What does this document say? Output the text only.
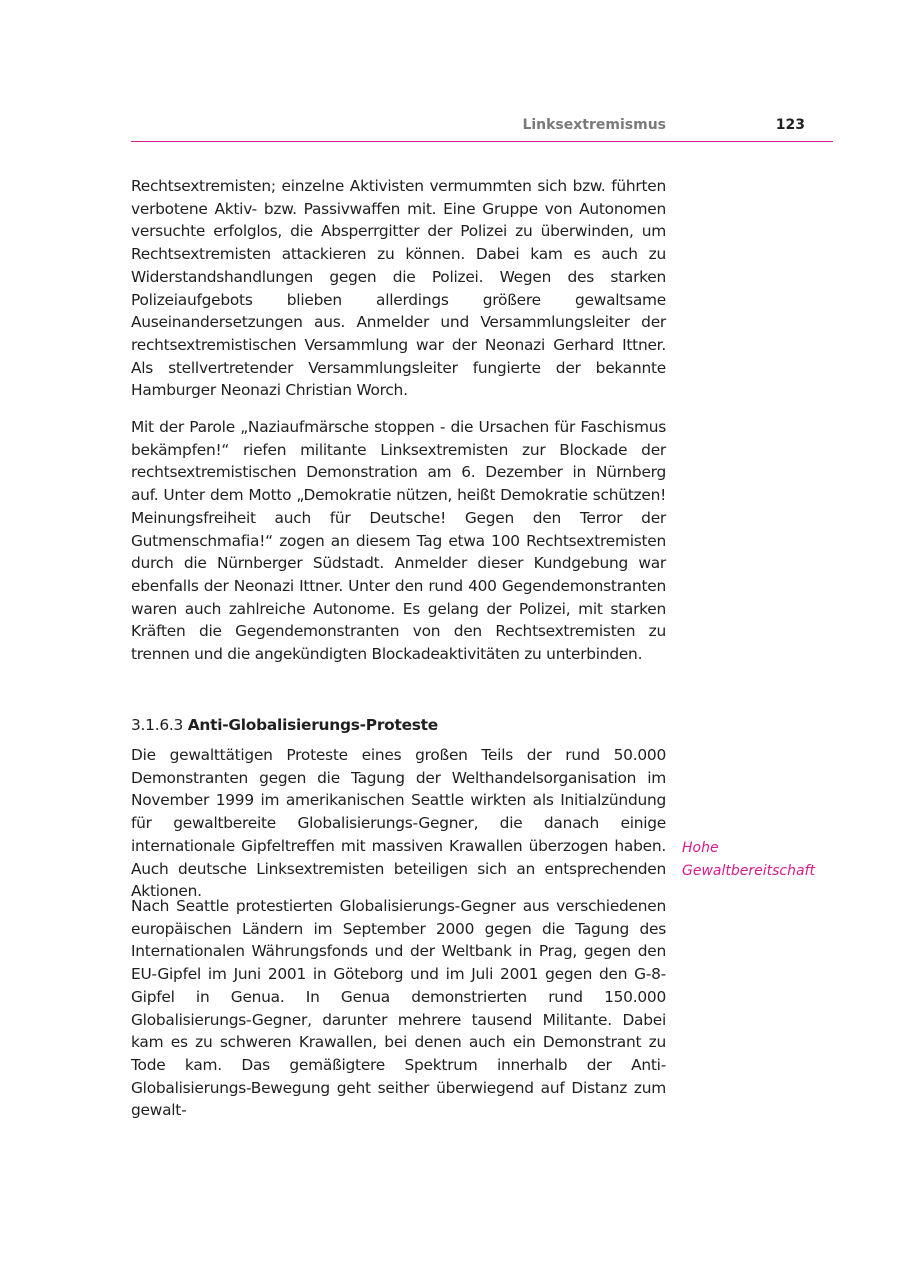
Linksextremismus	123

Rechtsextremisten; einzelne Aktivisten vermummten sich bzw. führten verbotene Aktiv- bzw. Passivwaffen mit. Eine Gruppe von Autonomen versuchte erfolglos, die Absperrgitter der Polizei zu überwinden, um Rechtsextremisten attackieren zu können. Dabei kam es auch zu Widerstandshandlungen gegen die Polizei. Wegen des starken Polizeiaufgebots blieben allerdings größere gewaltsame Auseinandersetzungen aus. Anmelder und Versammlungsleiter der rechtsextremistischen Versammlung war der Neonazi Gerhard Ittner. Als stellvertretender Versammlungsleiter fungierte der bekannte Hamburger Neonazi Christian Worch.

Mit der Parole „Naziaufmärsche stoppen - die Ursachen für Faschismus bekämpfen!“ riefen militante Linksextremisten zur Blockade der rechtsextremistischen Demonstration am 6. Dezember in Nürnberg auf. Unter dem Motto „Demokratie nützen, heißt Demokratie schützen! Meinungsfreiheit auch für Deutsche! Gegen den Terror der Gutmenschmafia!“ zogen an diesem Tag etwa 100 Rechtsextremisten durch die Nürnberger Südstadt. Anmelder dieser Kundgebung war ebenfalls der Neonazi Ittner. Unter den rund 400 Gegendemonstranten waren auch zahlreiche Autonome. Es gelang der Polizei, mit starken Kräften die Gegendemonstranten von den Rechtsextremisten zu trennen und die angekündigten Blockadeaktivitäten zu unterbinden.

3.1.6.3 Anti-Globalisierungs-Proteste

Die gewalttätigen Proteste eines großen Teils der rund 50.000 Demonstranten gegen die Tagung der Welthandelsorganisation im November 1999 im amerikanischen Seattle wirkten als Initialzündung für gewaltbereite Globalisierungs-Gegner, die danach einige internationale Gipfeltreffen mit massiven Krawallen überzogen haben. Auch deutsche Linksextremisten beteiligen sich an entsprechenden Aktionen.

Hohe Gewaltbereitschaft

Nach Seattle protestierten Globalisierungs-Gegner aus verschiedenen europäischen Ländern im September 2000 gegen die Tagung des Internationalen Währungsfonds und der Weltbank in Prag, gegen den EU-Gipfel im Juni 2001 in Göteborg und im Juli 2001 gegen den G-8-Gipfel in Genua. In Genua demonstrierten rund 150.000 Globalisierungs-Gegner, darunter mehrere tausend Militante. Dabei kam es zu schweren Krawallen, bei denen auch ein Demonstrant zu Tode kam. Das gemäßigtere Spektrum innerhalb der Anti-Globalisierungs-Bewegung geht seither überwiegend auf Distanz zum gewalt-
